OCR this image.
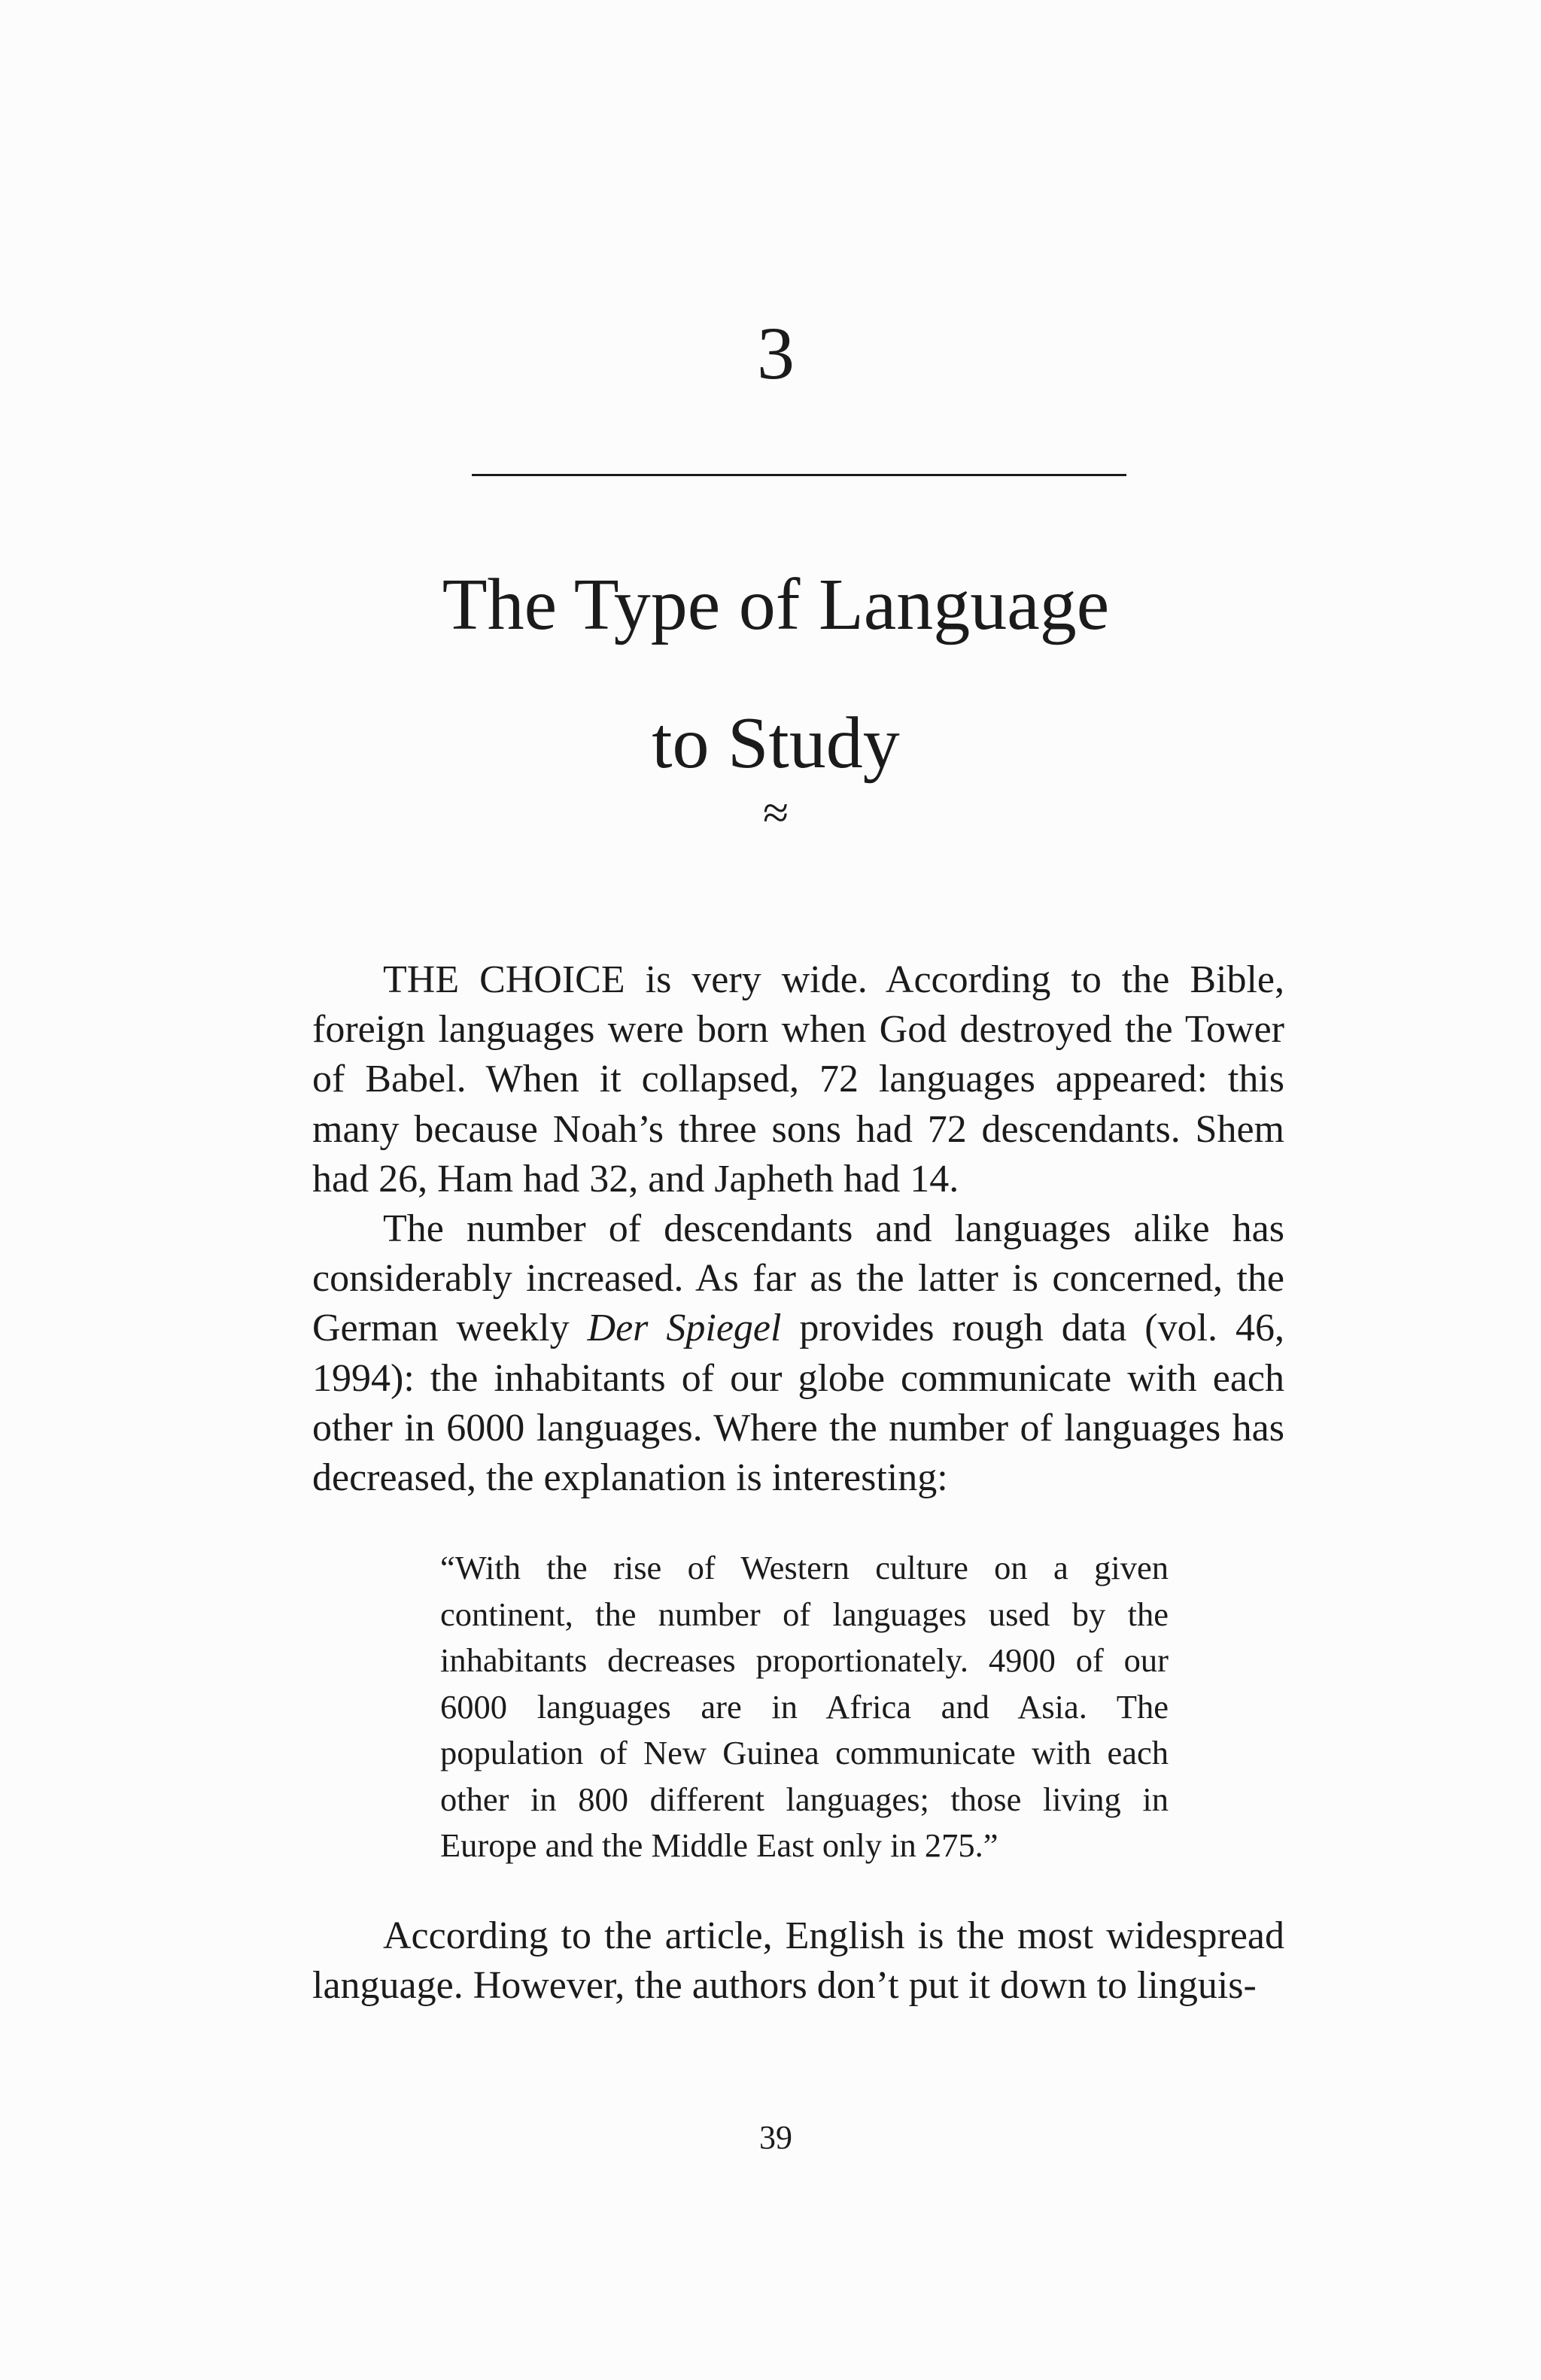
3
The Type of Language
to Study
≈

THE CHOICE is very wide. According to the Bible, foreign languages were born when God destroyed the Tower of Babel. When it collapsed, 72 languages appeared: this many because Noah’s three sons had 72 descendants. Shem had 26, Ham had 32, and Japheth had 14.

The number of descendants and languages alike has considerably increased. As far as the latter is concerned, the German weekly Der Spiegel provides rough data (vol. 46, 1994): the inhabitants of our globe communicate with each other in 6000 languages. Where the number of languages has decreased, the explanation is interesting:

“With the rise of Western culture on a given continent, the number of languages used by the inhabitants decreases proportionately. 4900 of our 6000 languages are in Africa and Asia. The population of New Guinea communicate with each other in 800 different languages; those living in Europe and the Middle East only in 275.”

According to the article, English is the most widespread language. However, the authors don’t put it down to linguis-

39
